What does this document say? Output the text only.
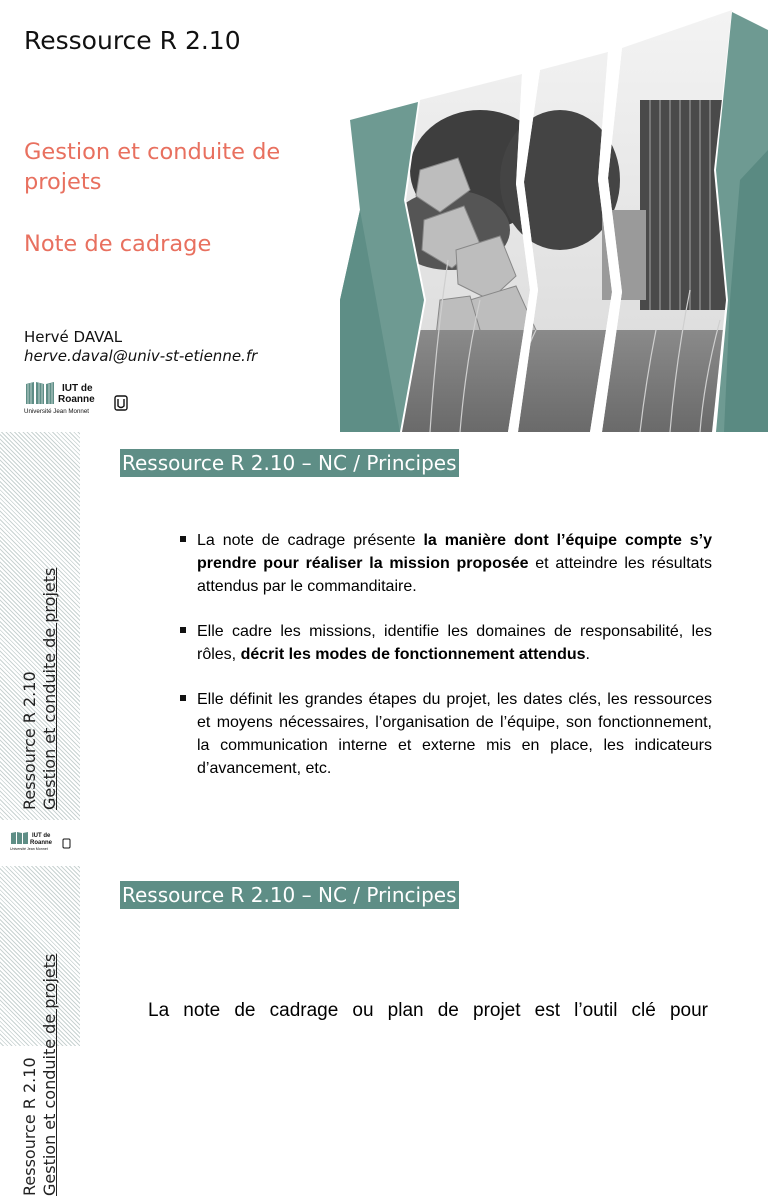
Ressource R 2.10
Gestion et conduite de projets
Note de cadrage
Hervé DAVAL
herve.daval@univ-st-etienne.fr
IUT de
Roanne
Université Jean Monnet
Ressource R 2.10 Gestion et conduite de projets
IUT de
Roanne
Université Jean Monnet
Ressource R 2.10 – NC / Principes
La note de cadrage présente la manière dont l’équipe compte s’y prendre pour réaliser la mission proposée et atteindre les résultats attendus par le commanditaire.
Elle cadre les missions, identifie les domaines de responsabilité, les rôles, décrit les modes de fonctionnement attendus.
Elle définit les grandes étapes du projet, les dates clés, les ressources et moyens nécessaires, l’organisation de l’équipe, son fonctionnement, la communication interne et externe mis en place, les indicateurs d’avancement, etc.
Ressource R 2.10 Gestion et conduite de projets
Ressource R 2.10 – NC / Principes
La note de cadrage ou plan de projet est l’outil clé pour
